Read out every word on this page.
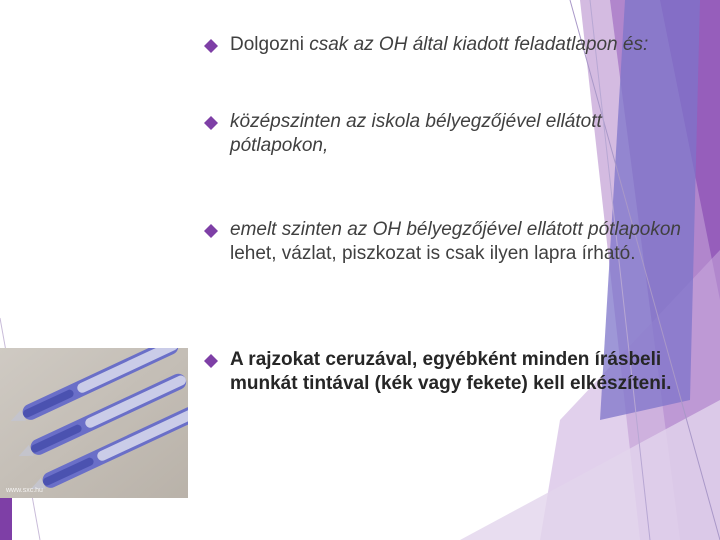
www.sxc.hu
Dolgozni csak az OH által kiadott feladatlapon és:
középszinten az iskola bélyegzőjével ellátott pótlapokon,
emelt szinten az OH bélyegzőjével ellátott pótlapokon lehet, vázlat, piszkozat is csak ilyen lapra írható.
A rajzokat ceruzával, egyébként minden írásbeli munkát tintával (kék vagy fekete) kell elkészíteni.
